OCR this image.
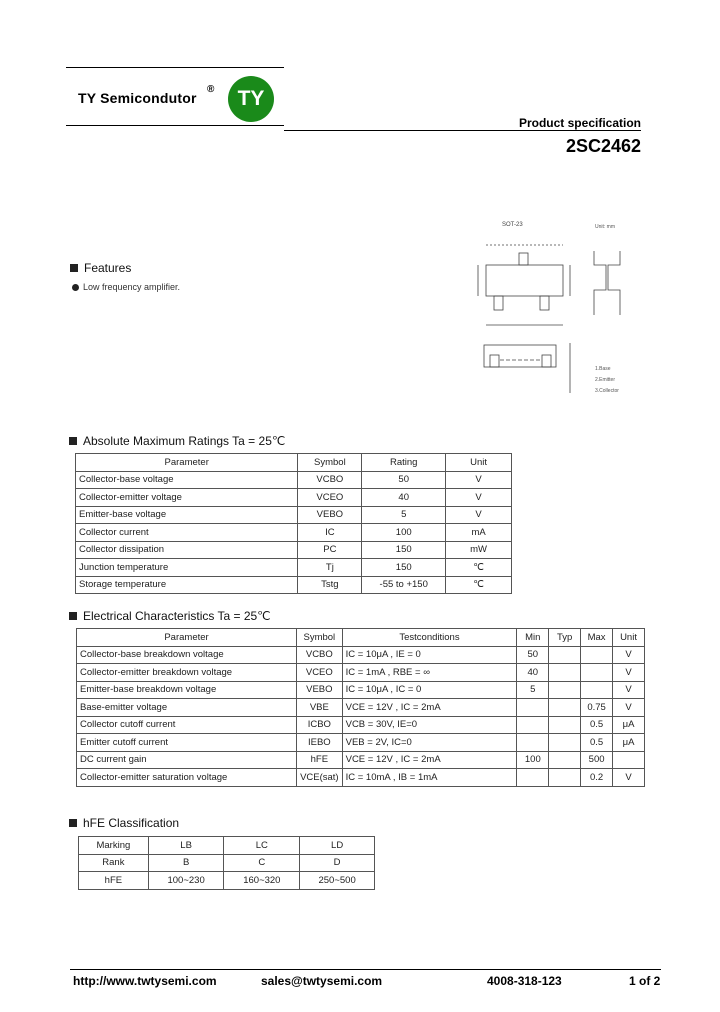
TY Semicondutor
®	TY
Product specification
2SC2462
SOT-23	Unit: mm
1.Base
2.Emitter
3.Collector
Features
Low frequency amplifier.
Absolute Maximum Ratings Ta = 25℃
Parameter	Symbol	Rating	Unit
Collector-base voltage	VCBO	50	V
Collector-emitter voltage	VCEO	40	V
Emitter-base voltage	VEBO	5	V
Collector current	IC	100	mA
Collector dissipation	PC	150	mW
Junction temperature	Tj	150	℃
Storage temperature	Tstg	-55 to +150	℃
Electrical Characteristics Ta = 25℃
Parameter	Symbol	Testconditions	Min	Typ	Max	Unit
Collector-base breakdown voltage	VCBO	IC = 10μA , IE = 0	50			V
Collector-emitter breakdown voltage	VCEO	IC = 1mA , RBE = ∞	40			V
Emitter-base breakdown voltage	VEBO	IC = 10μA , IC = 0	5			V
Base-emitter voltage	VBE	VCE = 12V , IC = 2mA			0.75	V
Collector cutoff current	ICBO	VCB = 30V, IE=0			0.5	μA
Emitter cutoff current	IEBO	VEB = 2V, IC=0			0.5	μA
DC current gain	hFE	VCE = 12V , IC = 2mA	100		500	
Collector-emitter saturation voltage	VCE(sat)	IC = 10mA , IB = 1mA			0.2	V
hFE Classification
Marking	LB	LC	LD
Rank	B	C	D
hFE	100~230	160~320	250~500
http://www.twtysemi.com	sales@twtysemi.com	4008-318-123	1 of 2
